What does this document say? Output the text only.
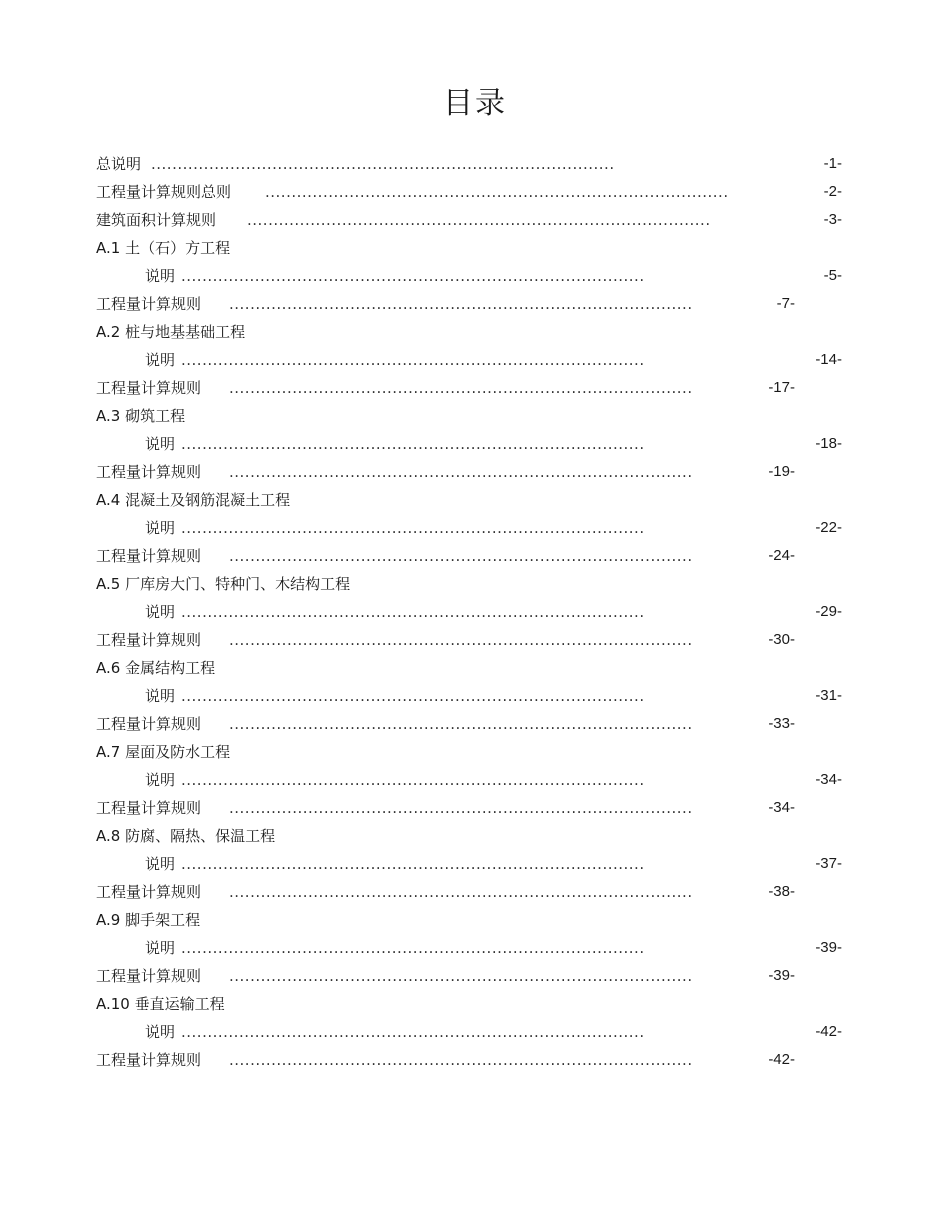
目录
总说明 ........................................................................................	-1-
工程量计算规则总则 ........................................................................................	-2-
建筑面积计算规则 ........................................................................................	-3-
A.1 土（石）方工程
说明 ........................................................................................	-5-
工程量计算规则 ........................................................................................	-7-
A.2 桩与地基基础工程
说明 ........................................................................................	-14-
工程量计算规则 ........................................................................................	-17-
A.3 砌筑工程
说明 ........................................................................................	-18-
工程量计算规则 ........................................................................................	-19-
A.4 混凝土及钢筋混凝土工程
说明 ........................................................................................	-22-
工程量计算规则 ........................................................................................	-24-
A.5 厂库房大门、特种门、木结构工程
说明 ........................................................................................	-29-
工程量计算规则 ........................................................................................	-30-
A.6 金属结构工程
说明 ........................................................................................	-31-
工程量计算规则 ........................................................................................	-33-
A.7 屋面及防水工程
说明 ........................................................................................	-34-
工程量计算规则 ........................................................................................	-34-
A.8 防腐、隔热、保温工程
说明 ........................................................................................	-37-
工程量计算规则 ........................................................................................	-38-
A.9 脚手架工程
说明 ........................................................................................	-39-
工程量计算规则 ........................................................................................	-39-
A.10 垂直运输工程
说明 ........................................................................................	-42-
工程量计算规则 ........................................................................................	-42-
